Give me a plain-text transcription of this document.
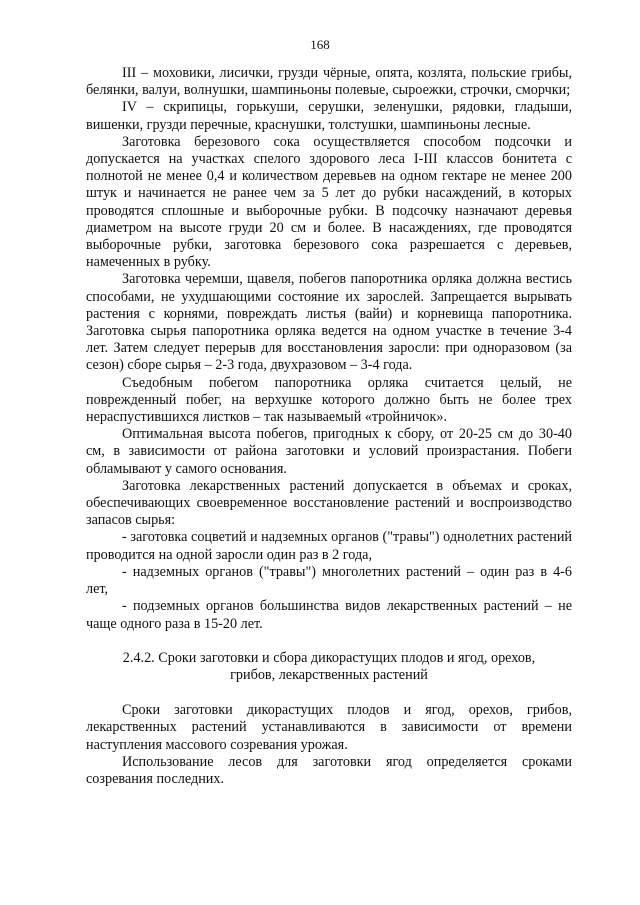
168

III – моховики, лисички, грузди чёрные, опята, козлята, польские грибы, белянки, валуи, волнушки, шампиньоны полевые, сыроежки, строчки, сморчки;

IV – скрипицы, горькуши, серушки, зеленушки, рядовки, гладыши, вишенки, грузди перечные, краснушки, толстушки, шампиньоны лесные.

Заготовка березового сока осуществляется способом подсочки и допускается на участках спелого здорового леса I-III классов бонитета с полнотой не менее 0,4 и количеством деревьев на одном гектаре не менее 200 штук и начинается не ранее чем за 5 лет до рубки насаждений, в которых проводятся сплошные и выборочные рубки. В подсочку назначают деревья диаметром на высоте груди 20 см и более. В насаждениях, где проводятся выборочные рубки, заготовка березового сока разрешается с деревьев, намеченных в рубку.

Заготовка черемши, щавеля, побегов папоротника орляка должна вестись способами, не ухудшающими состояние их зарослей. Запрещается вырывать растения с корнями, повреждать листья (вайи) и корневища папоротника. Заготовка сырья папоротника орляка ведется на одном участке в течение 3-4 лет. Затем следует перерыв для восстановления заросли: при одноразовом (за сезон) сборе сырья – 2-3 года, двухразовом – 3-4 года.

Съедобным побегом папоротника орляка считается целый, не поврежденный побег, на верхушке которого должно быть не более трех нераспустившихся листков – так называемый «тройничок».

Оптимальная высота побегов, пригодных к сбору, от 20-25 см до 30-40 см, в зависимости от района заготовки и условий произрастания. Побеги обламывают у самого основания.

Заготовка лекарственных растений допускается в объемах и сроках, обеспечивающих своевременное восстановление растений и воспроизводство запасов сырья:

- заготовка соцветий и надземных органов ("травы") однолетних растений проводится на одной заросли один раз в 2 года,

- надземных органов ("травы") многолетних растений – один раз в 4-6 лет,

- подземных органов большинства видов лекарственных растений – не чаще одного раза в 15-20 лет.

2.4.2. Сроки заготовки и сбора дикорастущих плодов и ягод, орехов,
грибов, лекарственных растений

Сроки заготовки дикорастущих плодов и ягод, орехов, грибов, лекарственных растений устанавливаются в зависимости от времени наступления массового созревания урожая.

Использование лесов для заготовки ягод определяется сроками созревания последних.
